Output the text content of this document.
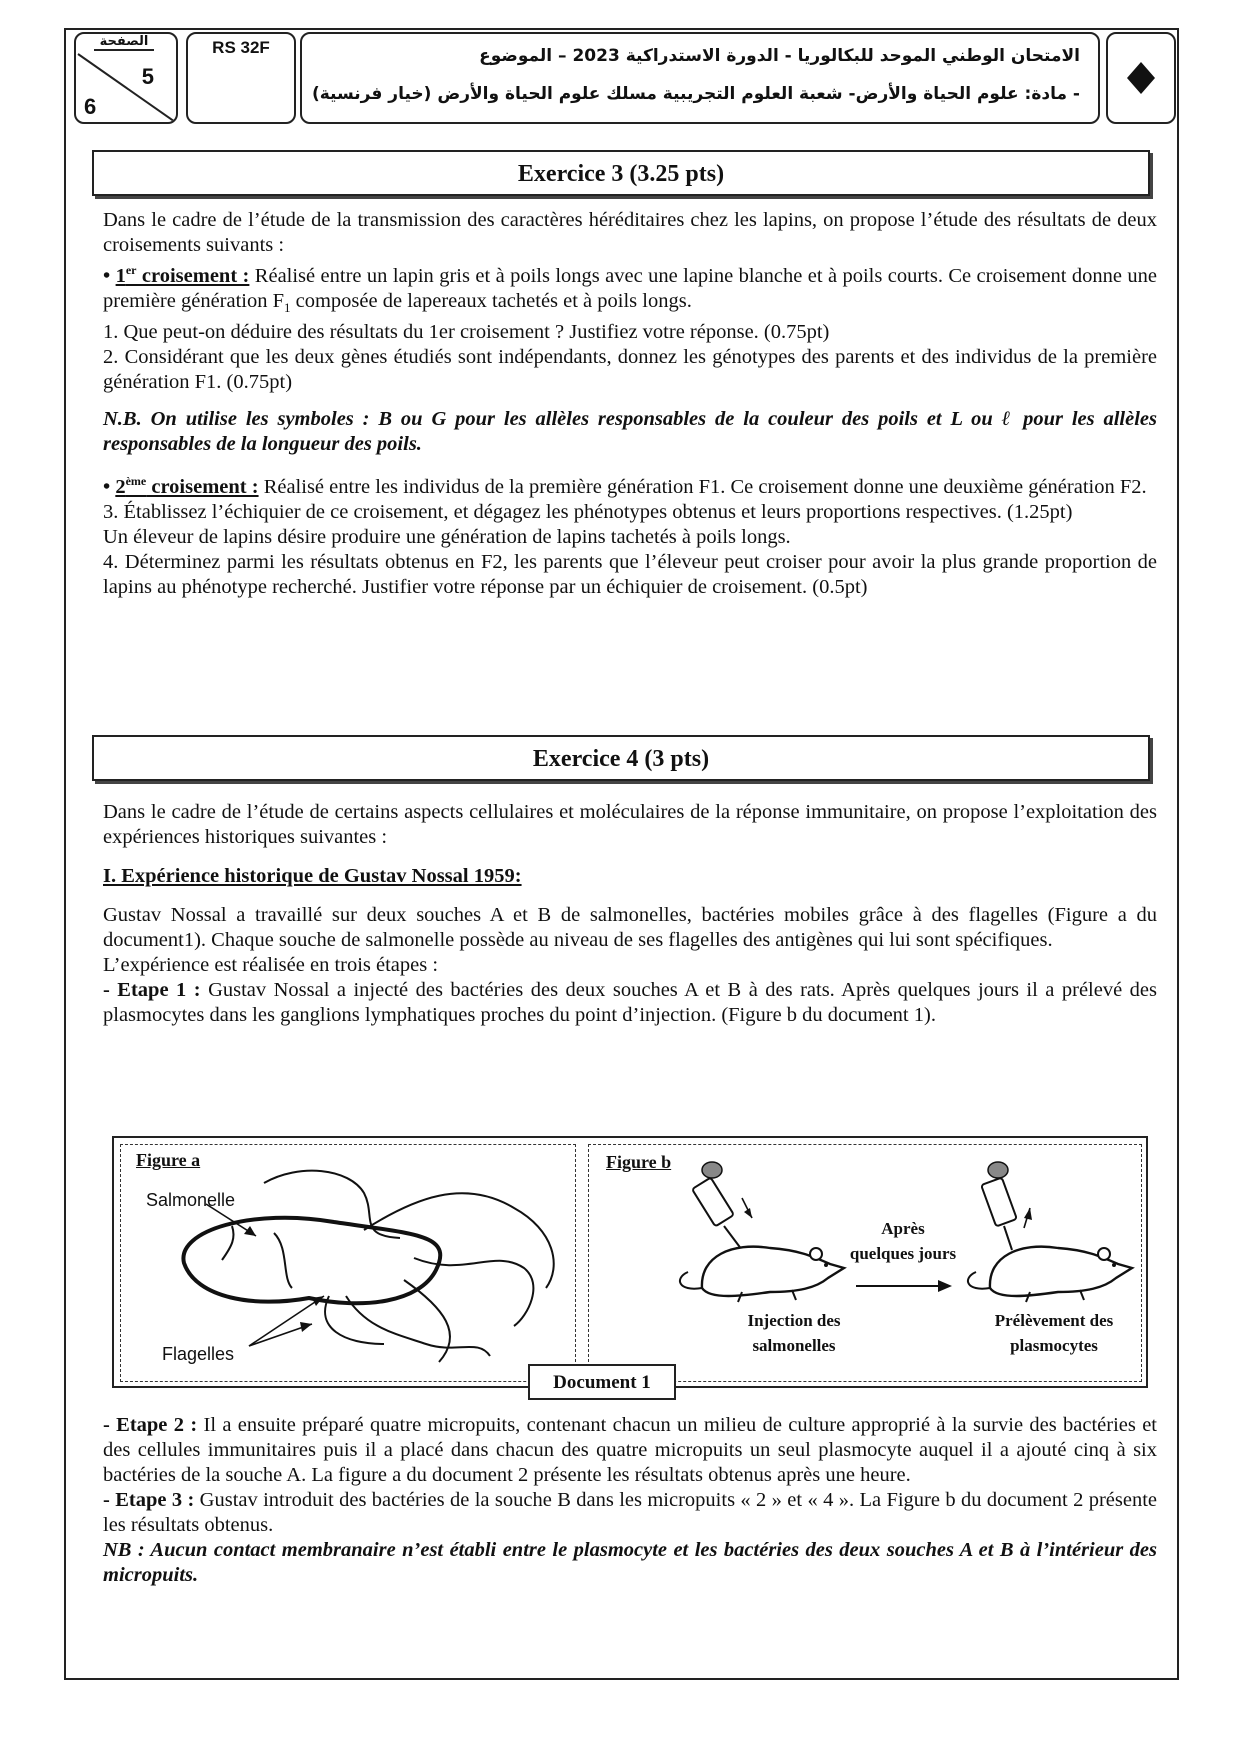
الصفحة
5
6
RS 32F	الامتحان الوطني الموحد للبكالوريا - الدورة الاستدراكية 2023 – الموضوع
- مادة: علوم الحياة والأرض- شعبة العلوم التجريبية مسلك علوم الحياة والأرض (خيار فرنسية)
Exercice 3 (3.25 pts)

Dans le cadre de l’étude de la transmission des caractères héréditaires chez les lapins, on propose l’étude des résultats de deux croisements suivants :

• 1er croisement : Réalisé entre un lapin gris et à poils longs avec une lapine blanche et à poils courts. Ce croisement donne une première génération $F_1$ composée de lapereaux tachetés et à poils longs.

1. Que peut-on déduire des résultats du 1er croisement ? Justifiez votre réponse. (0.75pt)

2. Considérant que les deux gènes étudiés sont indépendants, donnez les génotypes des parents et des individus de la première génération F1. (0.75pt)

N.B. On utilise les symboles : B ou G pour les allèles responsables de la couleur des poils et L ou ℓ pour les allèles responsables de la longueur des poils.

• 2ème croisement : Réalisé entre les individus de la première génération F1. Ce croisement donne une deuxième génération F2.

3. Établissez l’échiquier de ce croisement, et dégagez les phénotypes obtenus et leurs proportions respectives. (1.25pt)

Un éleveur de lapins désire produire une génération de lapins tachetés à poils longs.

4. Déterminez parmi les résultats obtenus en F2, les parents que l’éleveur peut croiser pour avoir la plus grande proportion de lapins au phénotype recherché. Justifier votre réponse par un échiquier de croisement. (0.5pt)

Exercice 4 (3 pts)

Dans le cadre de l’étude de certains aspects cellulaires et moléculaires de la réponse immunitaire, on propose l’exploitation des expériences historiques suivantes :

I. Expérience historique de Gustav Nossal 1959:

Gustav Nossal a travaillé sur deux souches A et B de salmonelles, bactéries mobiles grâce à des flagelles (Figure a du document1). Chaque souche de salmonelle possède au niveau de ses flagelles des antigènes qui lui sont spécifiques.

L’expérience est réalisée en trois étapes :

- Etape 1 : Gustav Nossal a injecté des bactéries des deux souches A et B à des rats. Après quelques jours il a prélevé des plasmocytes dans les ganglions lymphatiques proches du point d’injection. (Figure b du document 1).

Figure a
Salmonelle
Flagelles
Figure b
Après
quelques jours
Injection des
salmonelles
Prélèvement des
plasmocytes
Document 1

- Etape 2 : Il a ensuite préparé quatre micropuits, contenant chacun un milieu de culture approprié à la survie des bactéries et des cellules immunitaires puis il a placé dans chacun des quatre micropuits un seul plasmocyte auquel il a ajouté cinq à six bactéries de la souche A. La figure a du document 2 présente les résultats obtenus après une heure.

- Etape 3 : Gustav introduit des bactéries de la souche B dans les micropuits « 2 » et « 4 ». La Figure b du document 2 présente les résultats obtenus.

NB : Aucun contact membranaire n’est établi entre le plasmocyte et les bactéries des deux souches A et B à l’intérieur des micropuits.
